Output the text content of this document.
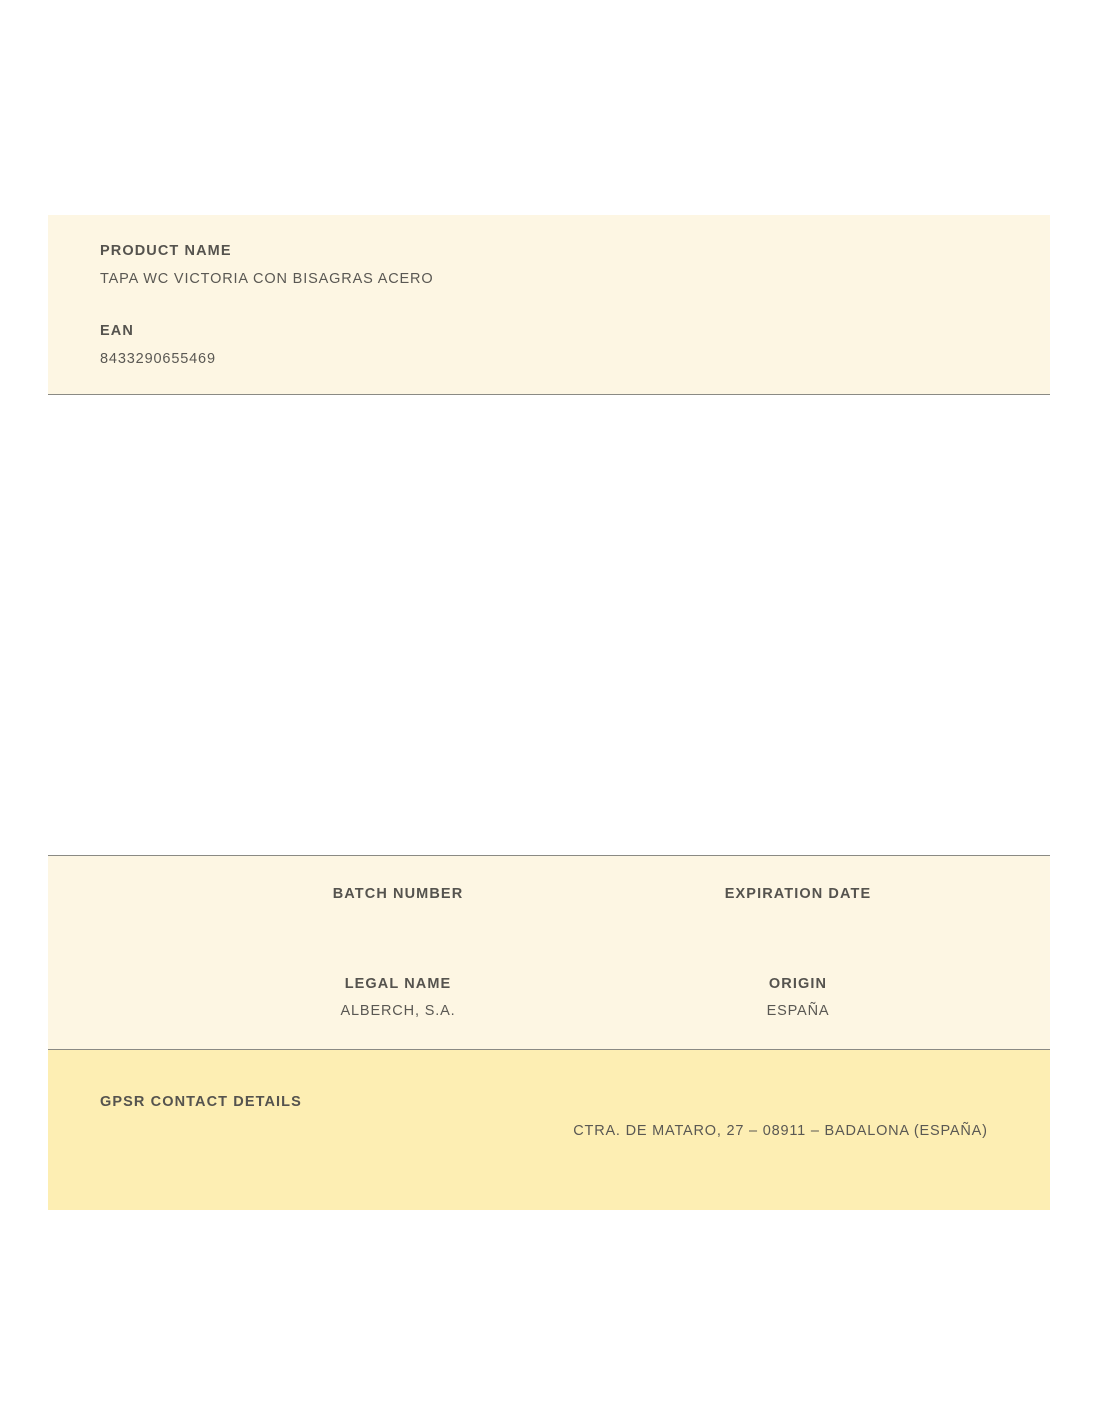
PRODUCT NAME
TAPA WC VICTORIA CON BISAGRAS ACERO
EAN
8433290655469
BATCH NUMBER	EXPIRATION DATE
LEGAL NAME
ALBERCH, S.A.
ORIGIN
ESPAÑA
GPSR CONTACT DETAILS
CTRA. DE MATARO, 27 – 08911 – BADALONA (ESPAÑA)
